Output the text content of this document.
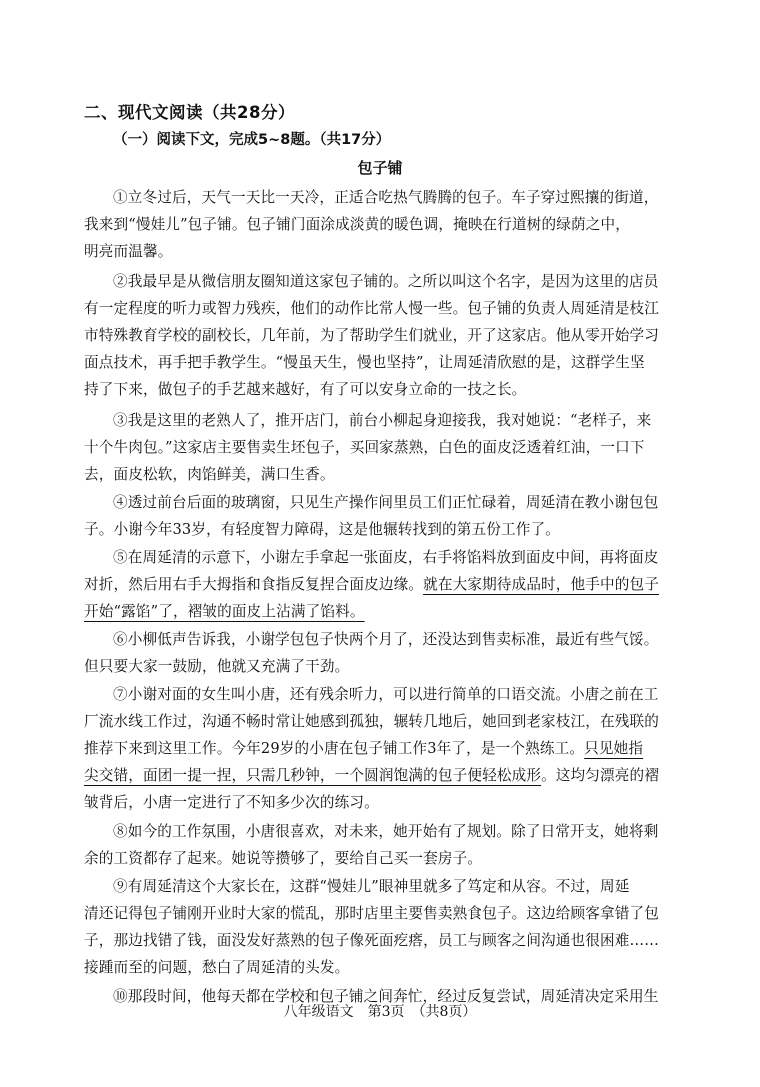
二、现代文阅读（共28分）
（一）阅读下文，完成5~8题。（共17分）
包子铺
①立冬过后，天气一天比一天冷，正适合吃热气腾腾的包子。车子穿过熙攘的街道，
我来到“慢娃儿”包子铺。包子铺门面涂成淡黄的暖色调，掩映在行道树的绿荫之中，
明亮而温馨。
②我最早是从微信朋友圈知道这家包子铺的。之所以叫这个名字，是因为这里的店员
有一定程度的听力或智力残疾，他们的动作比常人慢一些。包子铺的负责人周延清是枝江
市特殊教育学校的副校长，几年前，为了帮助学生们就业，开了这家店。他从零开始学习
面点技术，再手把手教学生。“慢虽天生，慢也坚持”，让周延清欣慰的是，这群学生坚
持了下来，做包子的手艺越来越好，有了可以安身立命的一技之长。
③我是这里的老熟人了，推开店门，前台小柳起身迎接我，我对她说：“老样子，来
十个牛肉包。”这家店主要售卖生坯包子，买回家蒸熟，白色的面皮泛透着红油，一口下
去，面皮松软，肉馅鲜美，满口生香。
④透过前台后面的玻璃窗，只见生产操作间里员工们正忙碌着，周延清在教小谢包包
子。小谢今年33岁，有轻度智力障碍，这是他辗转找到的第五份工作了。
⑤在周延清的示意下，小谢左手拿起一张面皮，右手将馅料放到面皮中间，再将面皮
对折，然后用右手大拇指和食指反复捏合面皮边缘。就在大家期待成品时，他手中的包子
开始“露馅”了，褶皱的面皮上沾满了馅料。
⑥小柳低声告诉我，小谢学包包子快两个月了，还没达到售卖标准，最近有些气馁。
但只要大家一鼓励，他就又充满了干劲。
⑦小谢对面的女生叫小唐，还有残余听力，可以进行简单的口语交流。小唐之前在工
厂流水线工作过，沟通不畅时常让她感到孤独，辗转几地后，她回到老家枝江，在残联的
推荐下来到这里工作。今年29岁的小唐在包子铺工作3年了，是一个熟练工。只见她指
尖交错，面团一提一捏，只需几秒钟，一个圆润饱满的包子便轻松成形。这均匀漂亮的褶
皱背后，小唐一定进行了不知多少次的练习。
⑧如今的工作氛围，小唐很喜欢，对未来，她开始有了规划。除了日常开支，她将剩
余的工资都存了起来。她说等攒够了，要给自己买一套房子。
⑨有周延清这个大家长在，这群“慢娃儿”眼神里就多了笃定和从容。不过，周延
清还记得包子铺刚开业时大家的慌乱，那时店里主要售卖熟食包子。这边给顾客拿错了包
子，那边找错了钱，面没发好蒸熟的包子像死面疙瘩，员工与顾客之间沟通也很困难……
接踵而至的问题，愁白了周延清的头发。
⑩那段时间，他每天都在学校和包子铺之间奔忙，经过反复尝试，周延清决定采用生
八年级语文　第3页　（共8页）
